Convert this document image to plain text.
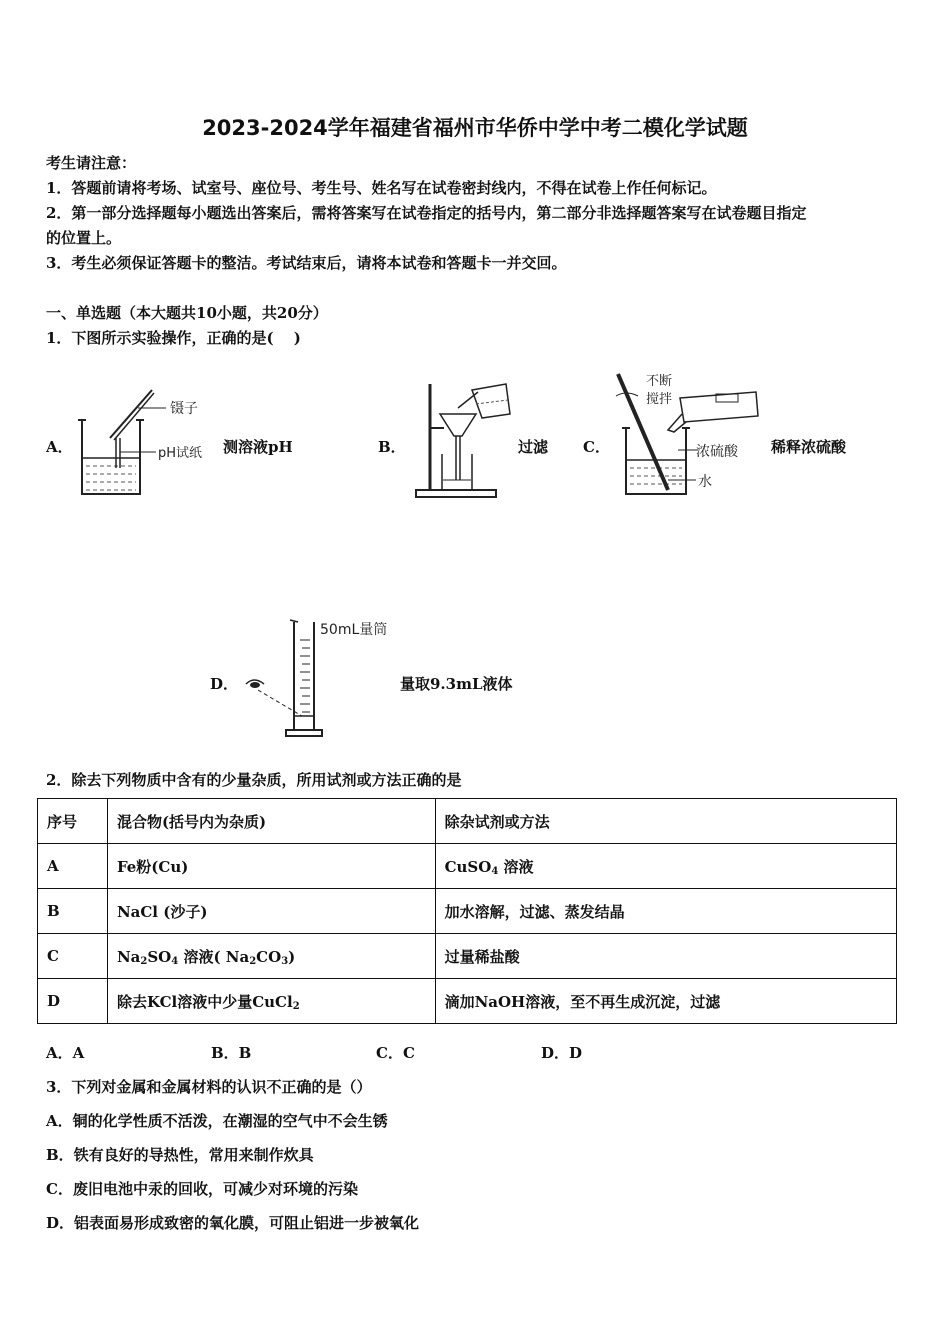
2023-2024学年福建省福州市华侨中学中考二模化学试题
考生请注意：
1．答题前请将考场、试室号、座位号、考生号、姓名写在试卷密封线内，不得在试卷上作任何标记。
2．第一部分选择题每小题选出答案后，需将答案写在试卷指定的括号内，第二部分非选择题答案写在试卷题目指定
的位置上。
3．考生必须保证答题卡的整洁。考试结束后，请将本试卷和答题卡一并交回。
一、单选题（本大题共10小题，共20分）
1．下图所示实验操作，正确的是(　 )
A．
镊子
pH试纸 测溶液pH	B．	过滤 C．
不断
搅拌
浓硫酸
水
稀释浓硫酸
D．
50mL量筒
量取9.3mL液体
2．除去下列物质中含有的少量杂质，所用试剂或方法正确的是
序号	混合物(括号内为杂质)	除杂试剂或方法
A	Fe粉(Cu)	CuSO$_4$ 溶液
B	NaCl (沙子)	加水溶解，过滤、蒸发结晶
C	$Na_2SO_4$ 溶液( $Na_2CO_3$)	过量稀盐酸
D	除去KCl溶液中少量CuCl$_2$	滴加NaOH溶液，至不再生成沉淀，过滤
A．A	B．B	C．C	D．D
3．下列对金属和金属材料的认识不正确的是（）
A．铜的化学性质不活泼，在潮湿的空气中不会生锈
B．铁有良好的导热性，常用来制作炊具
C．废旧电池中汞的回收，可减少对环境的污染
D．铝表面易形成致密的氧化膜，可阻止铝进一步被氧化
